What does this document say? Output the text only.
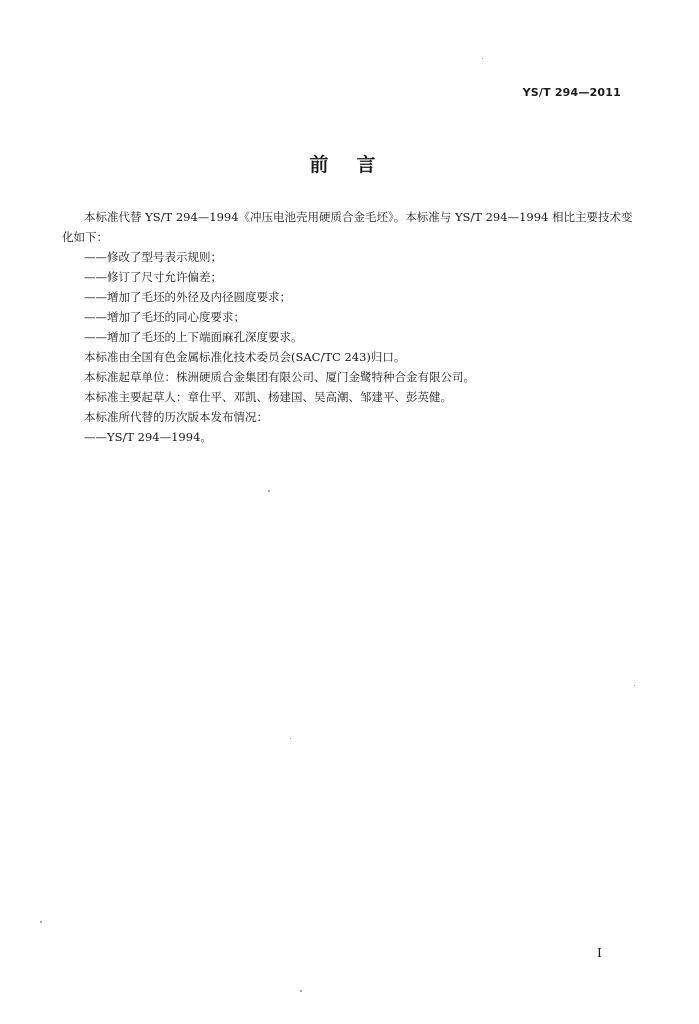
YS/T 294—2011
前言

本标准代替 YS/T 294—1994《冲压电池壳用硬质合金毛坯》。本标准与 YS/T 294—1994 相比主要技术变化如下：

——修改了型号表示规则；

——修订了尺寸允许偏差；

——增加了毛坯的外径及内径圆度要求；

——增加了毛坯的同心度要求；

——增加了毛坯的上下端面麻孔深度要求。

本标准由全国有色金属标准化技术委员会(SAC/TC 243)归口。

本标准起草单位：株洲硬质合金集团有限公司、厦门金鹭特种合金有限公司。

本标准主要起草人：章仕平、邓凯、杨建国、吴高潮、邹建平、彭英健。

本标准所代替的历次版本发布情况：

——YS/T 294—1994。

I
